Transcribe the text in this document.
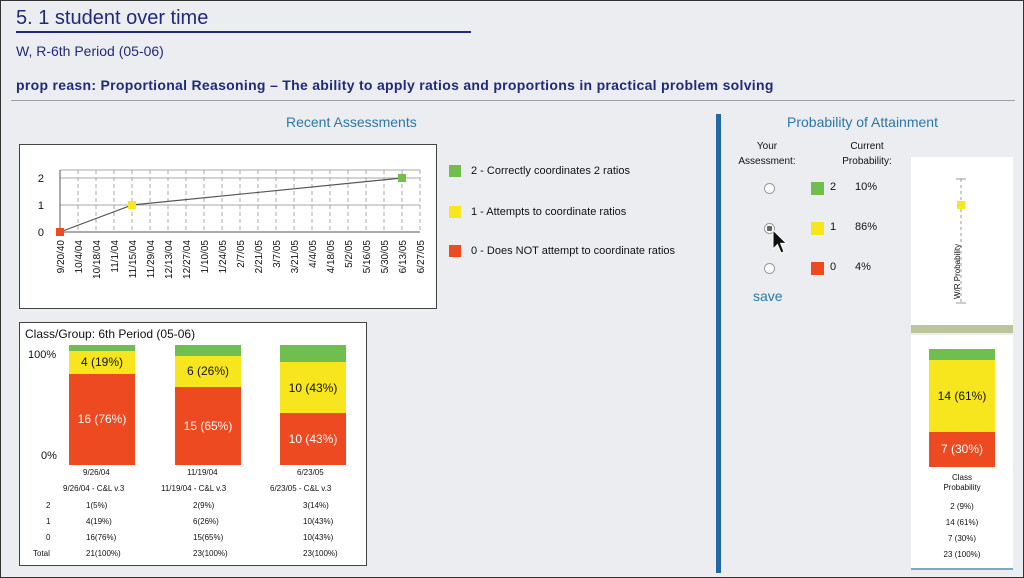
5. 1 student over time
W, R-6th Period (05-06)
prop reasn: Proportional Reasoning – The ability to apply ratios and proportions in practical problem solving
Recent Assessments
0
1
2
9/20/40 10/4/04 10/18/04 11/1/04 11/15/04 11/29/04 12/13/04 12/27/04 1/10/05 1/24/05 2/7/05 2/21/05 3/7/05 3/21/05 4/4/05 4/18/05 5/2/05 5/16/05 5/30/05 6/13/05 6/27/05
2 - Correctly coordinates 2 ratios
1 - Attempts to coordinate ratios
0 - Does NOT attempt to coordinate ratios
Class/Group: 6th Period (05-06)
100%
0%
16 (76%)
4 (19%)
15 (65%)
6 (26%)
10 (43%)
10 (43%)
9/26/04	11/19/04	6/23/05
9/26/04 - C&L v.3	11/19/04 - C&L v.3	6/23/05 - C&L v.3
2	1(5%)	2(9%)	3(14%)
1	4(19%)	6(26%)	10(43%)
0	16(76%)	15(65%)	10(43%)
Total	21(100%)	23(100%)	23(100%)
Probability of Attainment
Your
Assessment:
Current
Probability:
2 10%
1 86%
0 4%
save	W/R Probability
7 (30%)
14 (61%)
Class
Probability
2 (9%)
14 (61%)
7 (30%)
23 (100%)
